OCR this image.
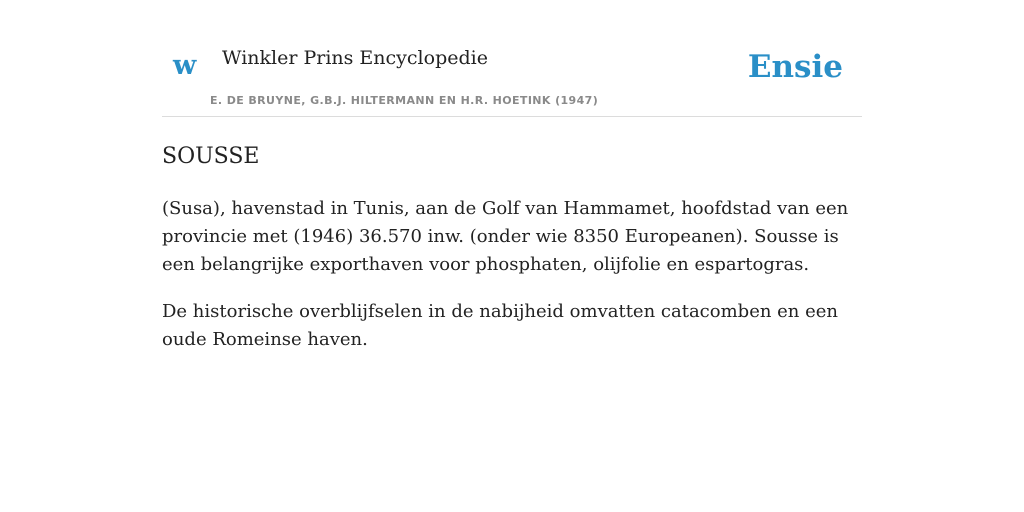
w Winkler Prins Encyclopedie
E. DE BRUYNE, G.B.J. HILTERMANN EN H.R. HOETINK (1947)
Ensie
SOUSSE

(Susa), havenstad in Tunis, aan de Golf van Hammamet, hoofdstad van een provincie met (1946) 36.570 inw. (onder wie 8350 Europeanen). Sousse is een belangrijke exporthaven voor phosphaten, olijfolie en espartogras.

De historische overblijfselen in de nabijheid omvatten catacomben en een oude Romeinse haven.
